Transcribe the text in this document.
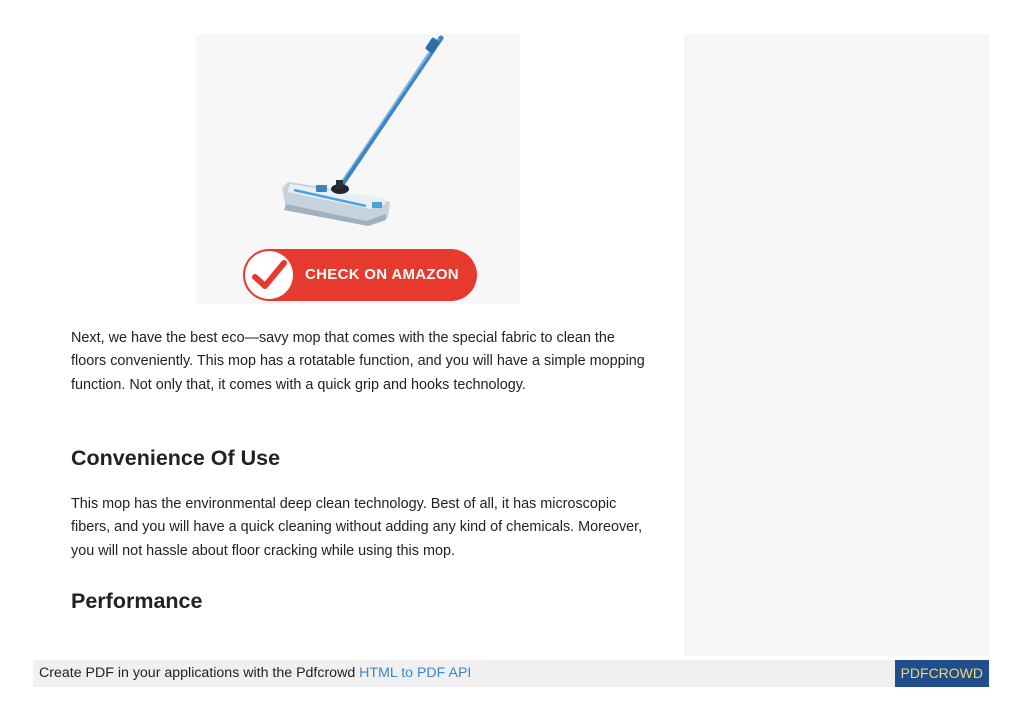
CHECK ON AMAZON

Next, we have the best eco—savy mop that comes with the special fabric to clean the floors conveniently. This mop has a rotatable function, and you will have a simple mopping function. Not only that, it comes with a quick grip and hooks technology.

Convenience Of Use

This mop has the environmental deep clean technology. Best of all, it has microscopic fibers, and you will have a quick cleaning without adding any kind of chemicals. Moreover, you will not hassle about floor cracking while using this mop.

Performance
Create PDF in your applications with the Pdfcrowd HTML to PDF API	PDFCROWD
